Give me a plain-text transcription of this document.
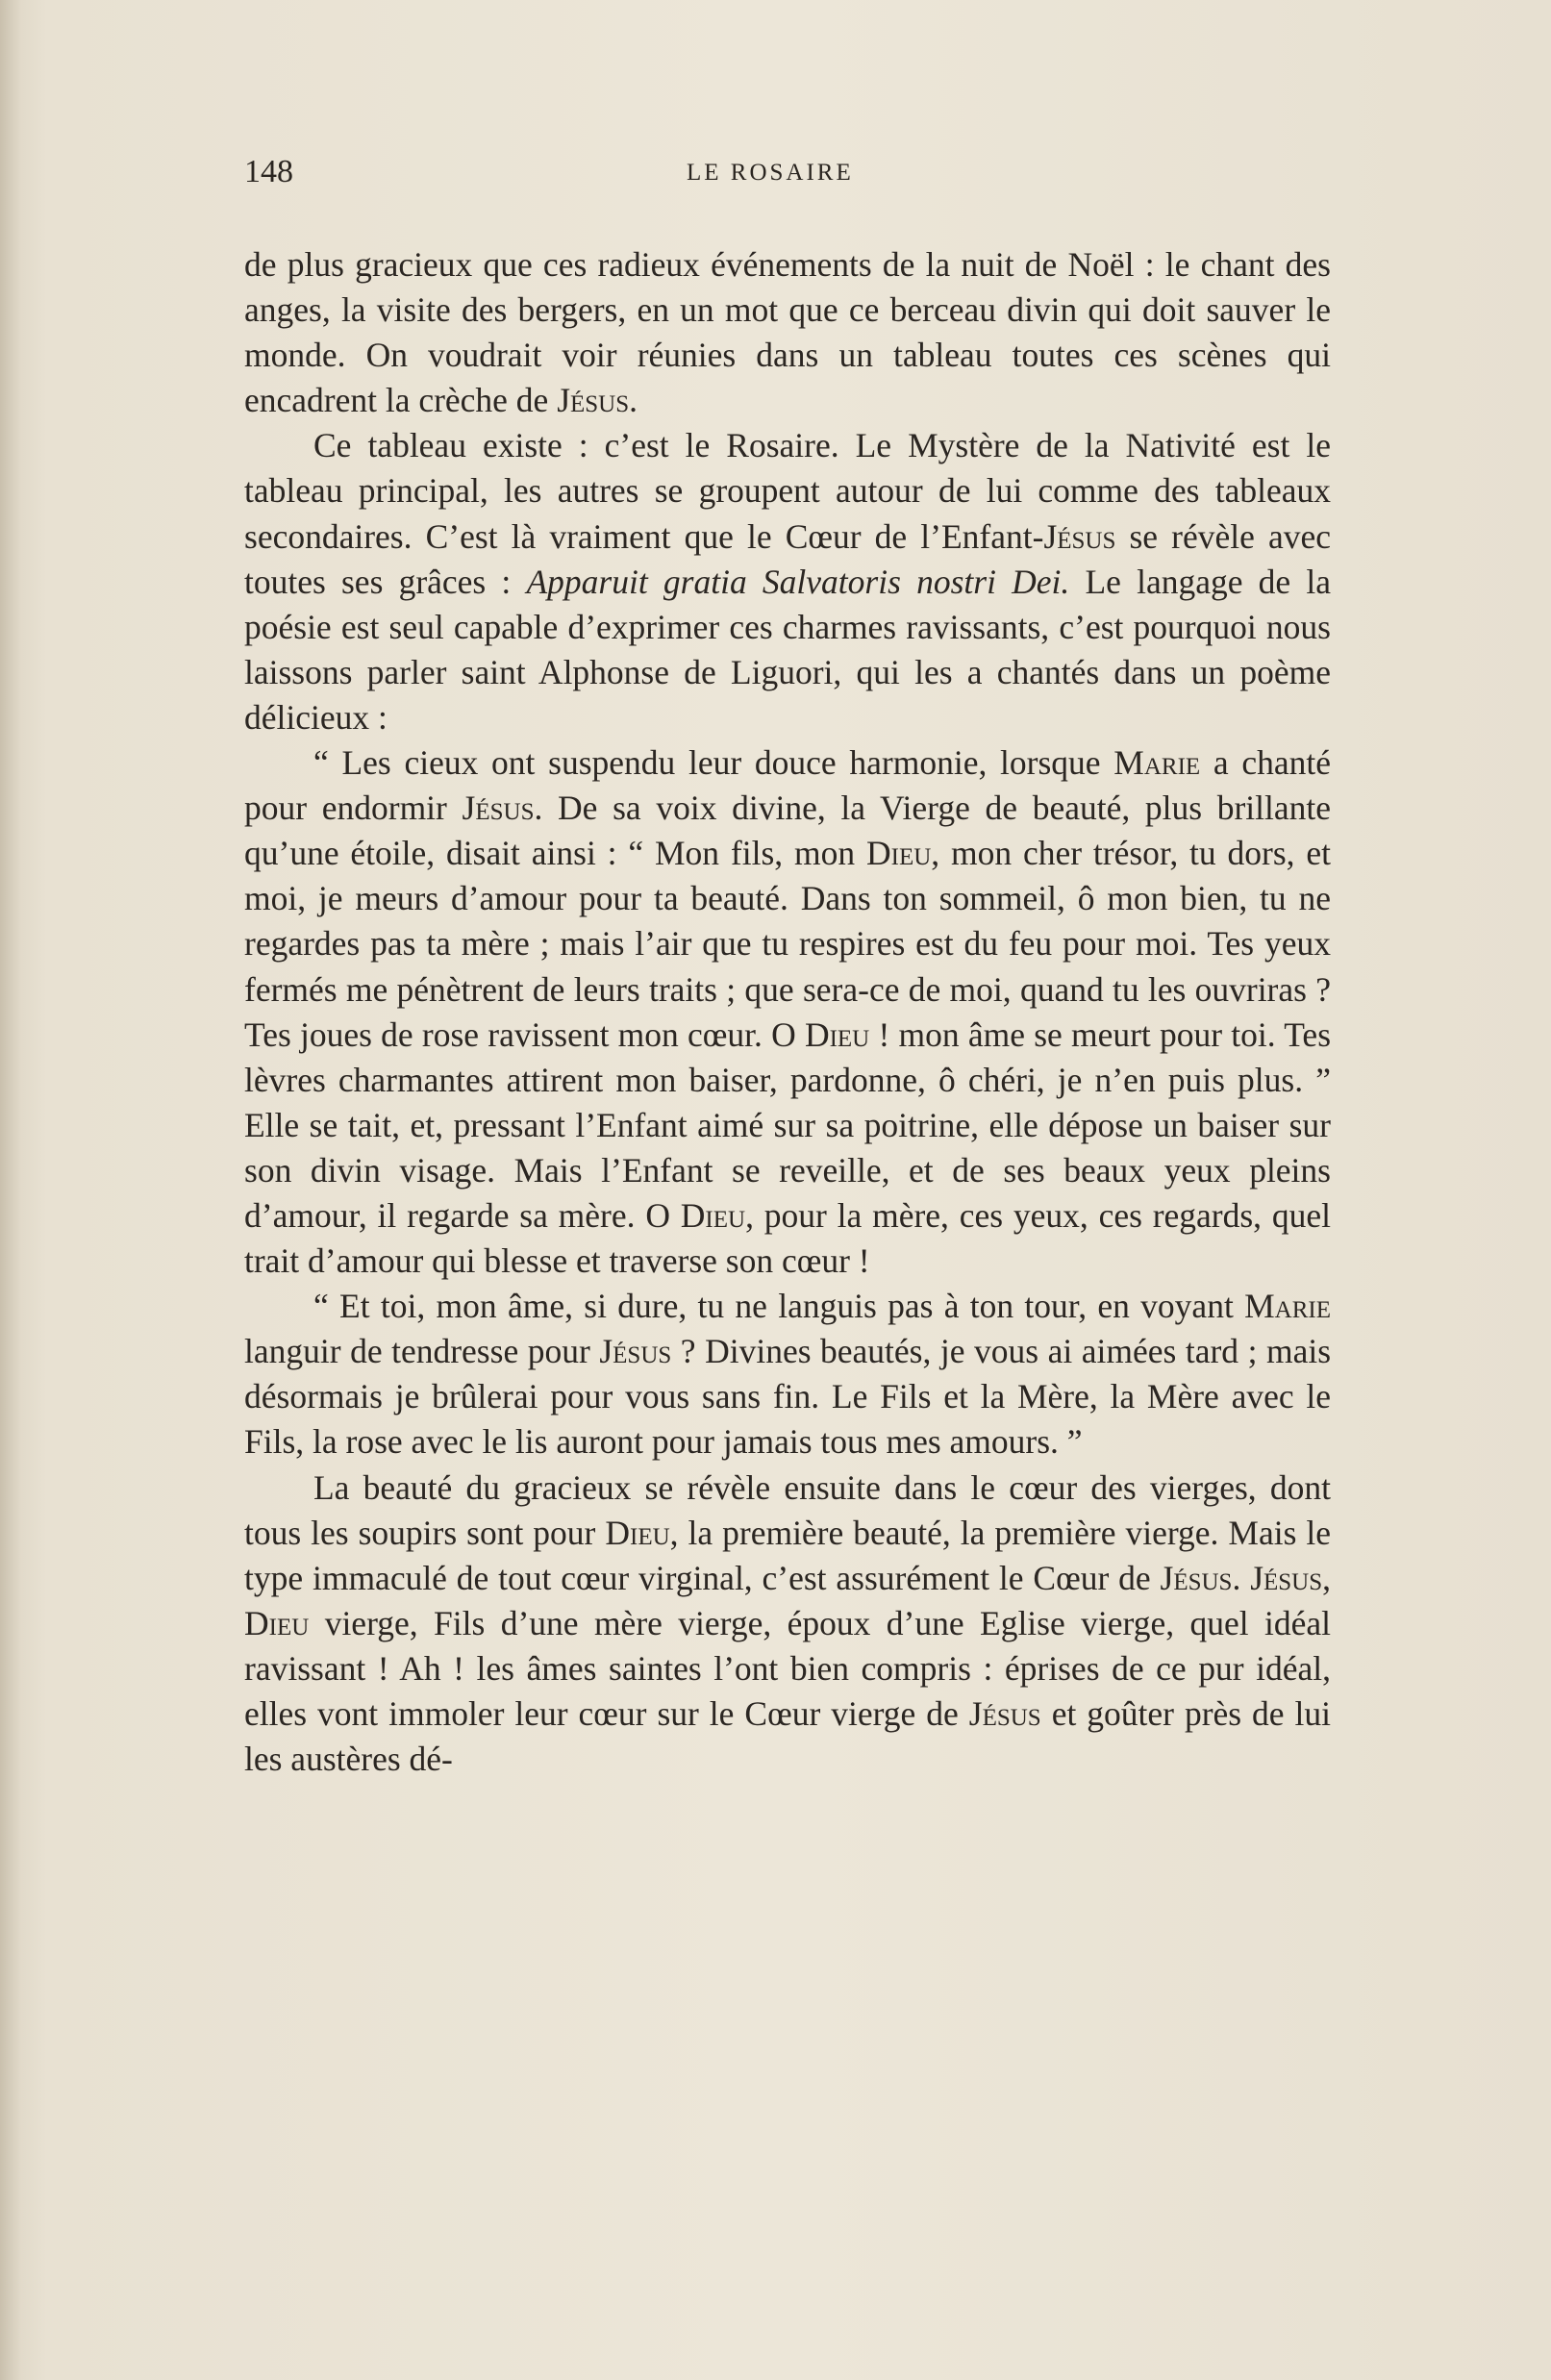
148	LE ROSAIRE

de plus gracieux que ces radieux événements de la nuit de Noël : le chant des anges, la visite des bergers, en un mot que ce berceau divin qui doit sauver le monde. On voudrait voir réunies dans un tableau toutes ces scènes qui encadrent la crèche de Jésus.

Ce tableau existe : c’est le Rosaire. Le Mystère de la Nativité est le tableau principal, les autres se groupent autour de lui comme des tableaux secondaires. C’est là vraiment que le Cœur de l’Enfant-Jésus se révèle avec toutes ses grâces : Apparuit gratia Salvatoris nostri Dei. Le langage de la poésie est seul capable d’exprimer ces charmes ravissants, c’est pourquoi nous laissons parler saint Alphonse de Liguori, qui les a chantés dans un poème délicieux :

“ Les cieux ont suspendu leur douce harmonie, lorsque Marie a chanté pour endormir Jésus. De sa voix divine, la Vierge de beauté, plus brillante qu’une étoile, disait ainsi : “ Mon fils, mon Dieu, mon cher trésor, tu dors, et moi, je meurs d’amour pour ta beauté. Dans ton sommeil, ô mon bien, tu ne regardes pas ta mère ; mais l’air que tu respires est du feu pour moi. Tes yeux fermés me pénètrent de leurs traits ; que sera-ce de moi, quand tu les ouvriras ? Tes joues de rose ravissent mon cœur. O Dieu ! mon âme se meurt pour toi. Tes lèvres charmantes attirent mon baiser, pardonne, ô chéri, je n’en puis plus. ” Elle se tait, et, pressant l’Enfant aimé sur sa poitrine, elle dépose un baiser sur son divin visage. Mais l’Enfant se reveille, et de ses beaux yeux pleins d’amour, il regarde sa mère. O Dieu, pour la mère, ces yeux, ces regards, quel trait d’amour qui blesse et traverse son cœur !

“ Et toi, mon âme, si dure, tu ne languis pas à ton tour, en voyant Marie languir de tendresse pour Jésus ? Divines beautés, je vous ai aimées tard ; mais désormais je brûlerai pour vous sans fin. Le Fils et la Mère, la Mère avec le Fils, la rose avec le lis auront pour jamais tous mes amours. ”

La beauté du gracieux se révèle ensuite dans le cœur des vierges, dont tous les soupirs sont pour Dieu, la première beauté, la première vierge. Mais le type immaculé de tout cœur virginal, c’est assurément le Cœur de Jésus. Jésus, Dieu vierge, Fils d’une mère vierge, époux d’une Eglise vierge, quel idéal ravissant ! Ah ! les âmes saintes l’ont bien compris : éprises de ce pur idéal, elles vont immoler leur cœur sur le Cœur vierge de Jésus et goûter près de lui les austères dé-
